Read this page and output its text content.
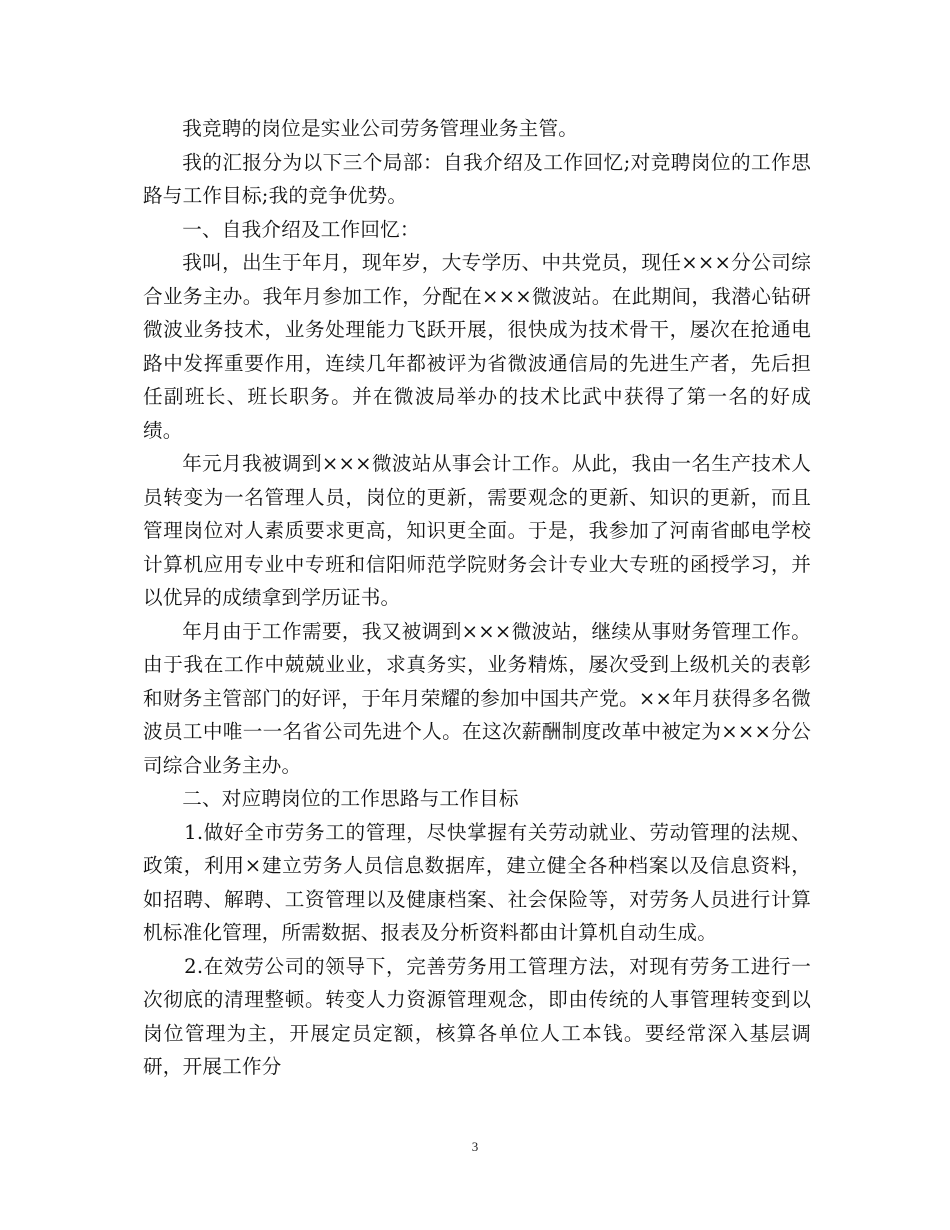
我竞聘的岗位是实业公司劳务管理业务主管。

我的汇报分为以下三个局部：自我介绍及工作回忆;对竞聘岗位的工作思路与工作目标;我的竞争优势。

一、自我介绍及工作回忆：

我叫，出生于年月，现年岁，大专学历、中共党员，现任×××分公司综合业务主办。我年月参加工作，分配在×××微波站。在此期间，我潜心钻研微波业务技术，业务处理能力飞跃开展，很快成为技术骨干，屡次在抢通电路中发挥重要作用，连续几年都被评为省微波通信局的先进生产者，先后担任副班长、班长职务。并在微波局举办的技术比武中获得了第一名的好成绩。

年元月我被调到×××微波站从事会计工作。从此，我由一名生产技术人员转变为一名管理人员，岗位的更新，需要观念的更新、知识的更新，而且管理岗位对人素质要求更高，知识更全面。于是，我参加了河南省邮电学校计算机应用专业中专班和信阳师范学院财务会计专业大专班的函授学习，并以优异的成绩拿到学历证书。

年月由于工作需要，我又被调到×××微波站，继续从事财务管理工作。由于我在工作中兢兢业业，求真务实，业务精炼，屡次受到上级机关的表彰和财务主管部门的好评，于年月荣耀的参加中国共产党。××年月获得多名微波员工中唯一一名省公司先进个人。在这次薪酬制度改革中被定为×××分公司综合业务主办。

二、对应聘岗位的工作思路与工作目标

1.做好全市劳务工的管理，尽快掌握有关劳动就业、劳动管理的法规、政策，利用×建立劳务人员信息数据库，建立健全各种档案以及信息资料，如招聘、解聘、工资管理以及健康档案、社会保险等，对劳务人员进行计算机标准化管理，所需数据、报表及分析资料都由计算机自动生成。

2.在效劳公司的领导下，完善劳务用工管理方法，对现有劳务工进行一次彻底的清理整顿。转变人力资源管理观念，即由传统的人事管理转变到以岗位管理为主，开展定员定额，核算各单位人工本钱。要经常深入基层调研，开展工作分

3
